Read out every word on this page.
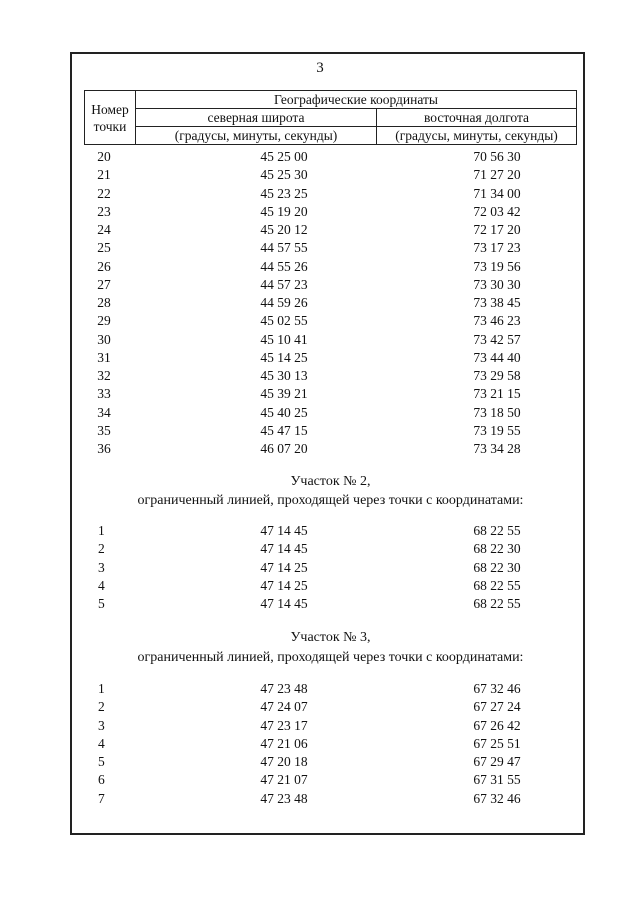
3
Номер
точки	Географические координаты	
	северная широта	восточная долгота
	(градусы, минуты, секунды)	(градусы, минуты, секунды)
20	45 25 00	70 56 30
21	45 25 30	71 27 20
22	45 23 25	71 34 00
23	45 19 20	72 03 42
24	45 20 12	72 17 20
25	44 57 55	73 17 23
26	44 55 26	73 19 56
27	44 57 23	73 30 30
28	44 59 26	73 38 45
29	45 02 55	73 46 23
30	45 10 41	73 42 57
31	45 14 25	73 44 40
32	45 30 13	73 29 58
33	45 39 21	73 21 15
34	45 40 25	73 18 50
35	45 47 15	73 19 55
36	46 07 20	73 34 28
Участок № 2,
ограниченный линией, проходящей через точки с координатами:
1	47 14 45	68 22 55
2	47 14 45	68 22 30
3	47 14 25	68 22 30
4	47 14 25	68 22 55
5	47 14 45	68 22 55
Участок № 3,
ограниченный линией, проходящей через точки с координатами:
1	47 23 48	67 32 46
2	47 24 07	67 27 24
3	47 23 17	67 26 42
4	47 21 06	67 25 51
5	47 20 18	67 29 47
6	47 21 07	67 31 55
7	47 23 48	67 32 46
